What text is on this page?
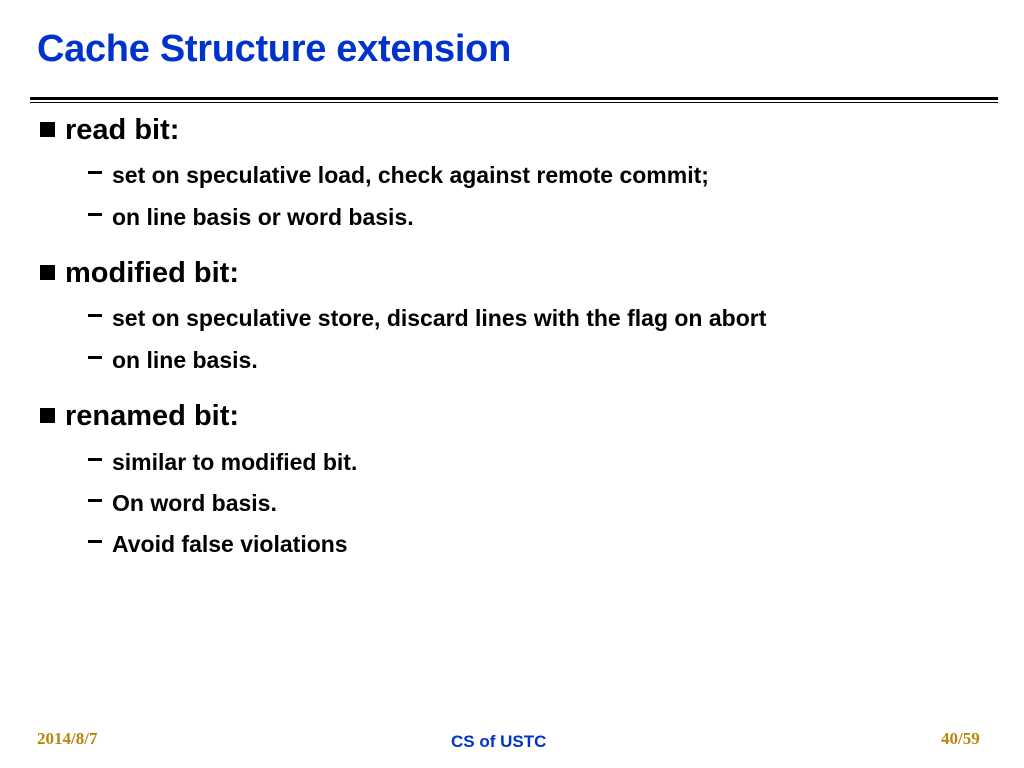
Cache Structure extension
read bit:
set on speculative load, check against remote commit;
on line basis or word basis.
modified bit:
set on speculative store, discard lines with the flag on abort
on line basis.
renamed bit:
similar to modified bit.
On word basis.
Avoid false violations
2014/8/7	CS of USTC	40/59
